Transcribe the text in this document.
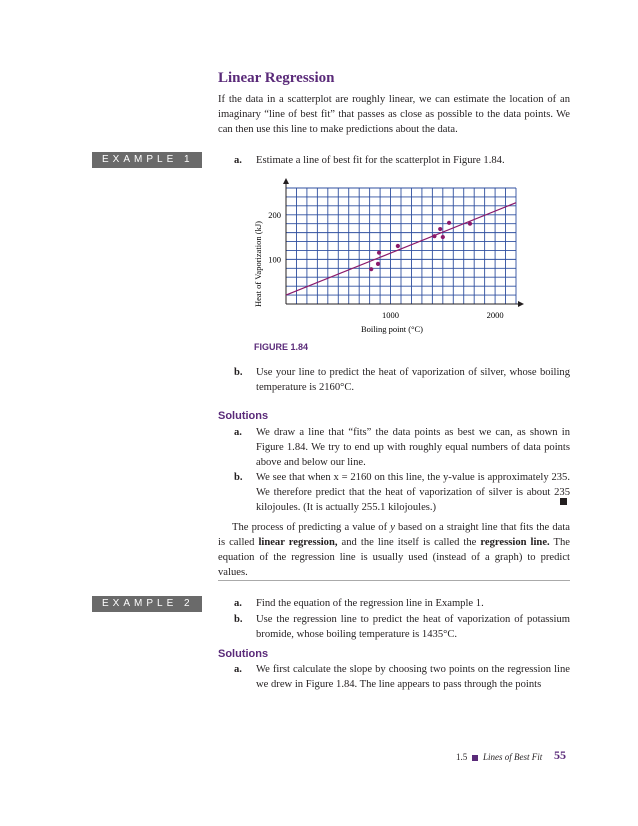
Linear Regression
If the data in a scatterplot are roughly linear, we can estimate the location of an imaginary “line of best fit” that passes as close as possible to the data points. We can then use this line to make predictions about the data.
EXAMPLE 1	a. Estimate a line of best fit for the scatterplot in Figure 1.84.
1000	2000
100
200
Heat of Vaporization (kJ)
Boiling point (°C)
FIGURE 1.84
b. Use your line to predict the heat of vaporization of silver, whose boiling temperature is 2160°C.
Solutions
a. We draw a line that “fits” the data points as best we can, as shown in Figure 1.84. We try to end up with roughly equal numbers of data points above and below our line.
b. We see that when x = 2160 on this line, the y-value is approximately 235. We therefore predict that the heat of vaporization of silver is about 235 kilojoules. (It is actually 255.1 kilojoules.)
The process of predicting a value of y based on a straight line that fits the data is called linear regression, and the line itself is called the regression line. The equation of the regression line is usually used (instead of a graph) to predict values.
EXAMPLE 2	a. Find the equation of the regression line in Example 1.
b. Use the regression line to predict the heat of vaporization of potassium bromide, whose boiling temperature is 1435°C.
Solutions
a. We first calculate the slope by choosing two points on the regression line we drew in Figure 1.84. The line appears to pass through the points
1.5 Lines of Best Fit 55
